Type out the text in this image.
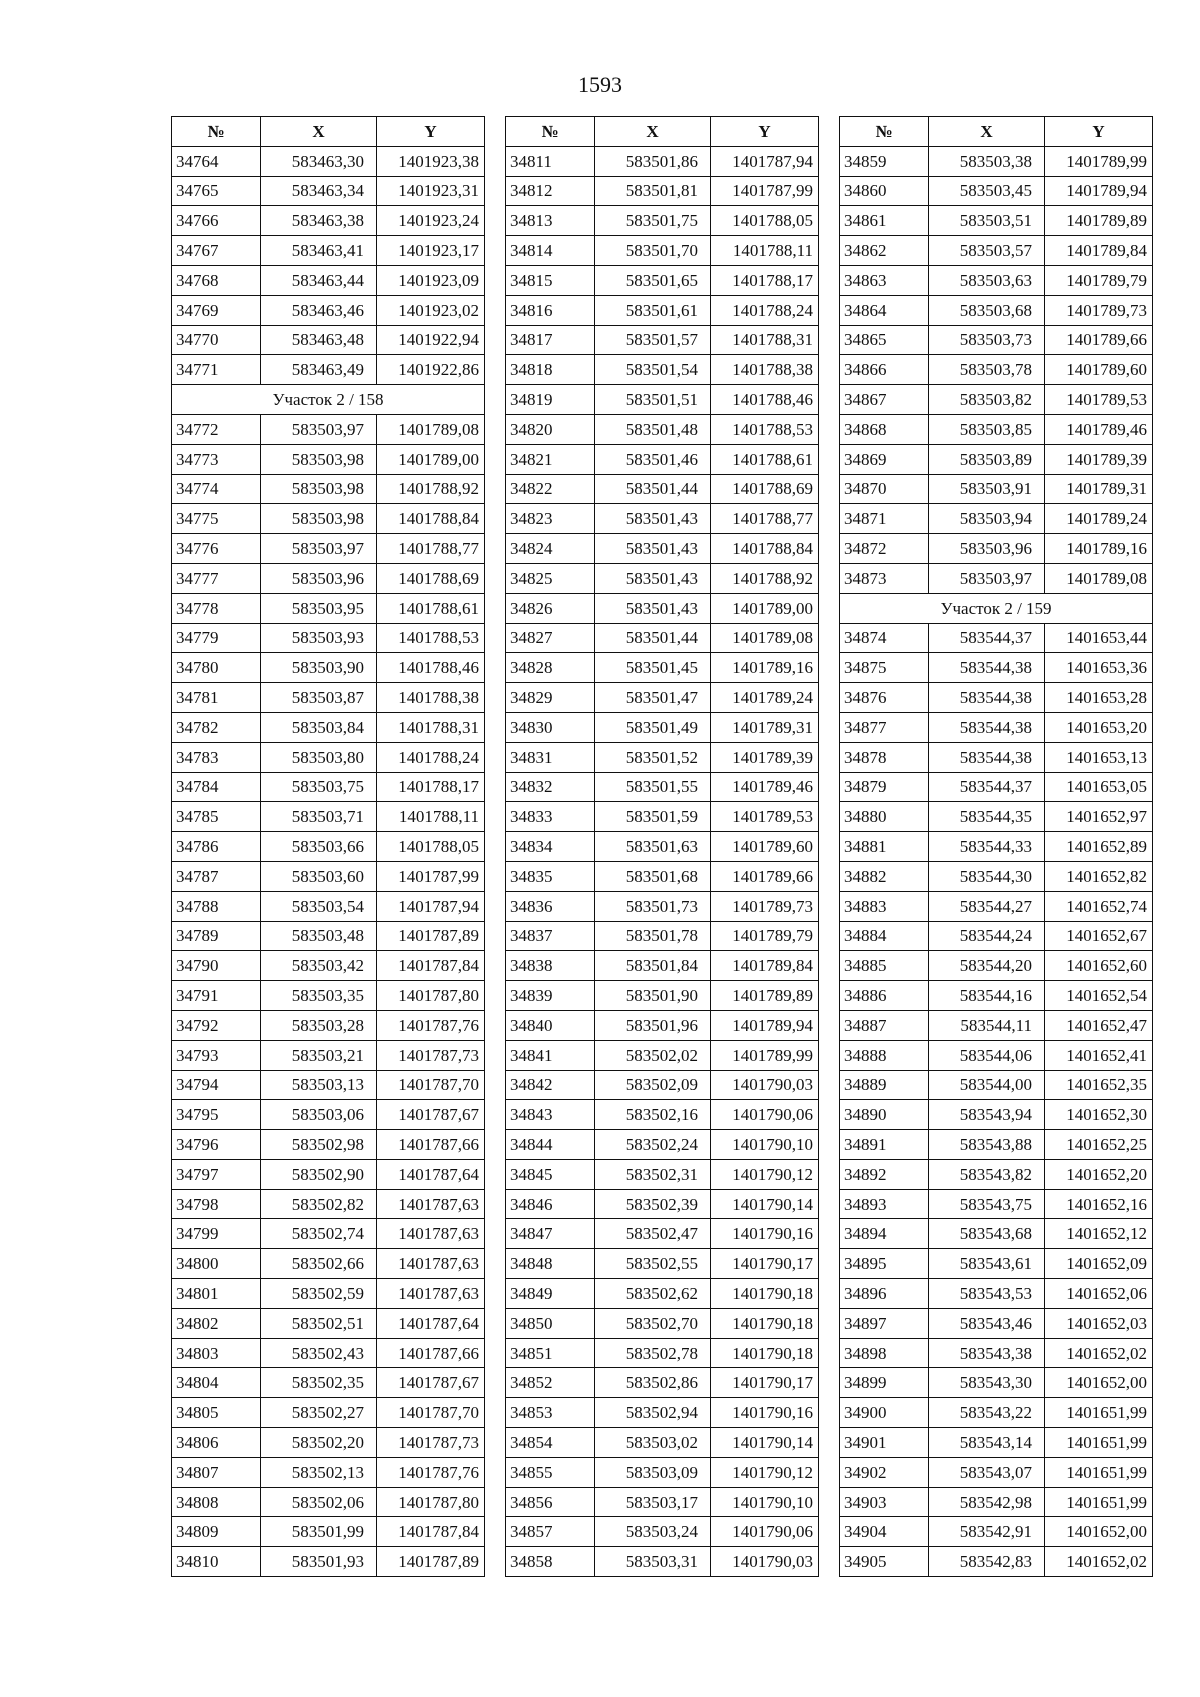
1593
№	X	Y
34764	583463,30	1401923,38
34765	583463,34	1401923,31
34766	583463,38	1401923,24
34767	583463,41	1401923,17
34768	583463,44	1401923,09
34769	583463,46	1401923,02
34770	583463,48	1401922,94
34771	583463,49	1401922,86
Участок 2 / 158		
34772	583503,97	1401789,08
34773	583503,98	1401789,00
34774	583503,98	1401788,92
34775	583503,98	1401788,84
34776	583503,97	1401788,77
34777	583503,96	1401788,69
34778	583503,95	1401788,61
34779	583503,93	1401788,53
34780	583503,90	1401788,46
34781	583503,87	1401788,38
34782	583503,84	1401788,31
34783	583503,80	1401788,24
34784	583503,75	1401788,17
34785	583503,71	1401788,11
34786	583503,66	1401788,05
34787	583503,60	1401787,99
34788	583503,54	1401787,94
34789	583503,48	1401787,89
34790	583503,42	1401787,84
34791	583503,35	1401787,80
34792	583503,28	1401787,76
34793	583503,21	1401787,73
34794	583503,13	1401787,70
34795	583503,06	1401787,67
34796	583502,98	1401787,66
34797	583502,90	1401787,64
34798	583502,82	1401787,63
34799	583502,74	1401787,63
34800	583502,66	1401787,63
34801	583502,59	1401787,63
34802	583502,51	1401787,64
34803	583502,43	1401787,66
34804	583502,35	1401787,67
34805	583502,27	1401787,70
34806	583502,20	1401787,73
34807	583502,13	1401787,76
34808	583502,06	1401787,80
34809	583501,99	1401787,84
34810	583501,93	1401787,89
№	X	Y
34811	583501,86	1401787,94
34812	583501,81	1401787,99
34813	583501,75	1401788,05
34814	583501,70	1401788,11
34815	583501,65	1401788,17
34816	583501,61	1401788,24
34817	583501,57	1401788,31
34818	583501,54	1401788,38
34819	583501,51	1401788,46
34820	583501,48	1401788,53
34821	583501,46	1401788,61
34822	583501,44	1401788,69
34823	583501,43	1401788,77
34824	583501,43	1401788,84
34825	583501,43	1401788,92
34826	583501,43	1401789,00
34827	583501,44	1401789,08
34828	583501,45	1401789,16
34829	583501,47	1401789,24
34830	583501,49	1401789,31
34831	583501,52	1401789,39
34832	583501,55	1401789,46
34833	583501,59	1401789,53
34834	583501,63	1401789,60
34835	583501,68	1401789,66
34836	583501,73	1401789,73
34837	583501,78	1401789,79
34838	583501,84	1401789,84
34839	583501,90	1401789,89
34840	583501,96	1401789,94
34841	583502,02	1401789,99
34842	583502,09	1401790,03
34843	583502,16	1401790,06
34844	583502,24	1401790,10
34845	583502,31	1401790,12
34846	583502,39	1401790,14
34847	583502,47	1401790,16
34848	583502,55	1401790,17
34849	583502,62	1401790,18
34850	583502,70	1401790,18
34851	583502,78	1401790,18
34852	583502,86	1401790,17
34853	583502,94	1401790,16
34854	583503,02	1401790,14
34855	583503,09	1401790,12
34856	583503,17	1401790,10
34857	583503,24	1401790,06
34858	583503,31	1401790,03
№	X	Y
34859	583503,38	1401789,99
34860	583503,45	1401789,94
34861	583503,51	1401789,89
34862	583503,57	1401789,84
34863	583503,63	1401789,79
34864	583503,68	1401789,73
34865	583503,73	1401789,66
34866	583503,78	1401789,60
34867	583503,82	1401789,53
34868	583503,85	1401789,46
34869	583503,89	1401789,39
34870	583503,91	1401789,31
34871	583503,94	1401789,24
34872	583503,96	1401789,16
34873	583503,97	1401789,08
Участок 2 / 159		
34874	583544,37	1401653,44
34875	583544,38	1401653,36
34876	583544,38	1401653,28
34877	583544,38	1401653,20
34878	583544,38	1401653,13
34879	583544,37	1401653,05
34880	583544,35	1401652,97
34881	583544,33	1401652,89
34882	583544,30	1401652,82
34883	583544,27	1401652,74
34884	583544,24	1401652,67
34885	583544,20	1401652,60
34886	583544,16	1401652,54
34887	583544,11	1401652,47
34888	583544,06	1401652,41
34889	583544,00	1401652,35
34890	583543,94	1401652,30
34891	583543,88	1401652,25
34892	583543,82	1401652,20
34893	583543,75	1401652,16
34894	583543,68	1401652,12
34895	583543,61	1401652,09
34896	583543,53	1401652,06
34897	583543,46	1401652,03
34898	583543,38	1401652,02
34899	583543,30	1401652,00
34900	583543,22	1401651,99
34901	583543,14	1401651,99
34902	583543,07	1401651,99
34903	583542,98	1401651,99
34904	583542,91	1401652,00
34905	583542,83	1401652,02
